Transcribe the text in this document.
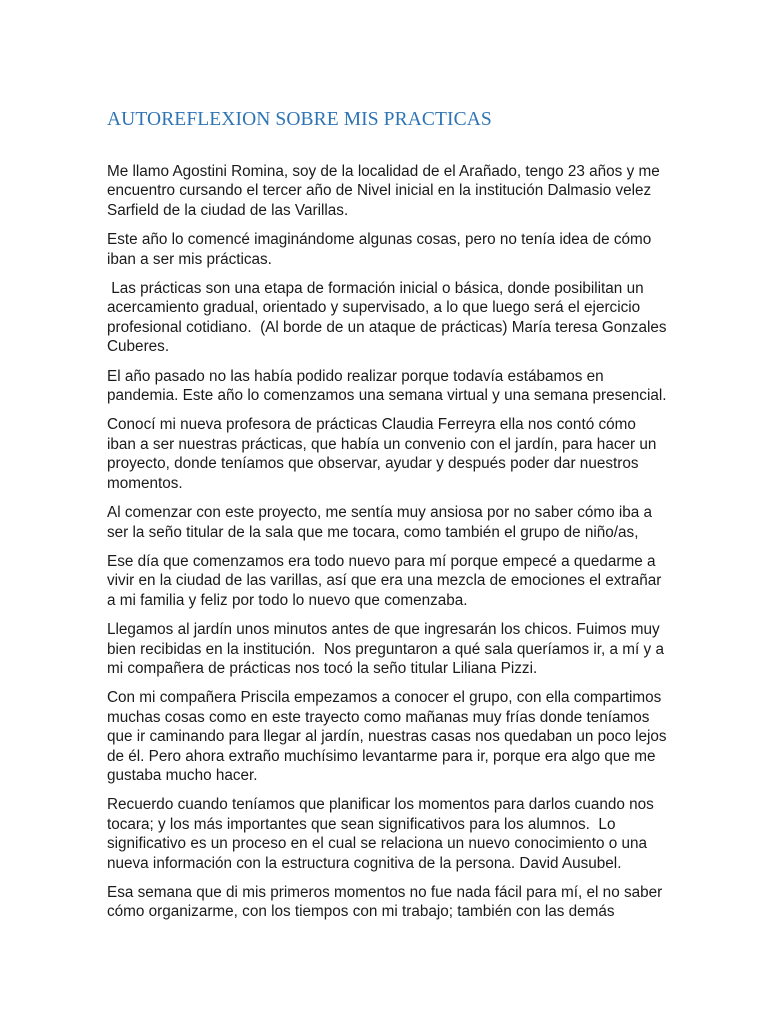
AUTOREFLEXION SOBRE MIS PRACTICAS

Me llamo Agostini Romina, soy de la localidad de el Arañado, tengo 23 años y me encuentro cursando el tercer año de Nivel inicial en la institución Dalmasio velez Sarfield de la ciudad de las Varillas.

Este año lo comencé imaginándome algunas cosas, pero no tenía idea de cómo iban a ser mis prácticas.

Las prácticas son una etapa de formación inicial o básica, donde posibilitan un acercamiento gradual, orientado y supervisado, a lo que luego será el ejercicio profesional cotidiano.  (Al borde de un ataque de prácticas) María teresa Gonzales Cuberes.

El año pasado no las había podido realizar porque todavía estábamos en pandemia. Este año lo comenzamos una semana virtual y una semana presencial.

Conocí mi nueva profesora de prácticas Claudia Ferreyra ella nos contó cómo iban a ser nuestras prácticas, que había un convenio con el jardín, para hacer un proyecto, donde teníamos que observar, ayudar y después poder dar nuestros momentos.

Al comenzar con este proyecto, me sentía muy ansiosa por no saber cómo iba a ser la seño titular de la sala que me tocara, como también el grupo de niño/as,

Ese día que comenzamos era todo nuevo para mí porque empecé a quedarme a vivir en la ciudad de las varillas, así que era una mezcla de emociones el extrañar a mi familia y feliz por todo lo nuevo que comenzaba.

Llegamos al jardín unos minutos antes de que ingresarán los chicos. Fuimos muy bien recibidas en la institución.  Nos preguntaron a qué sala queríamos ir, a mí y a mi compañera de prácticas nos tocó la seño titular Liliana Pizzi.

Con mi compañera Priscila empezamos a conocer el grupo, con ella compartimos muchas cosas como en este trayecto como mañanas muy frías donde teníamos que ir caminando para llegar al jardín, nuestras casas nos quedaban un poco lejos de él. Pero ahora extraño muchísimo levantarme para ir, porque era algo que me gustaba mucho hacer.

Recuerdo cuando teníamos que planificar los momentos para darlos cuando nos tocara; y los más importantes que sean significativos para los alumnos.  Lo significativo es un proceso en el cual se relaciona un nuevo conocimiento o una nueva información con la estructura cognitiva de la persona. David Ausubel.

Esa semana que di mis primeros momentos no fue nada fácil para mí, el no saber cómo organizarme, con los tiempos con mi trabajo; también con las demás
